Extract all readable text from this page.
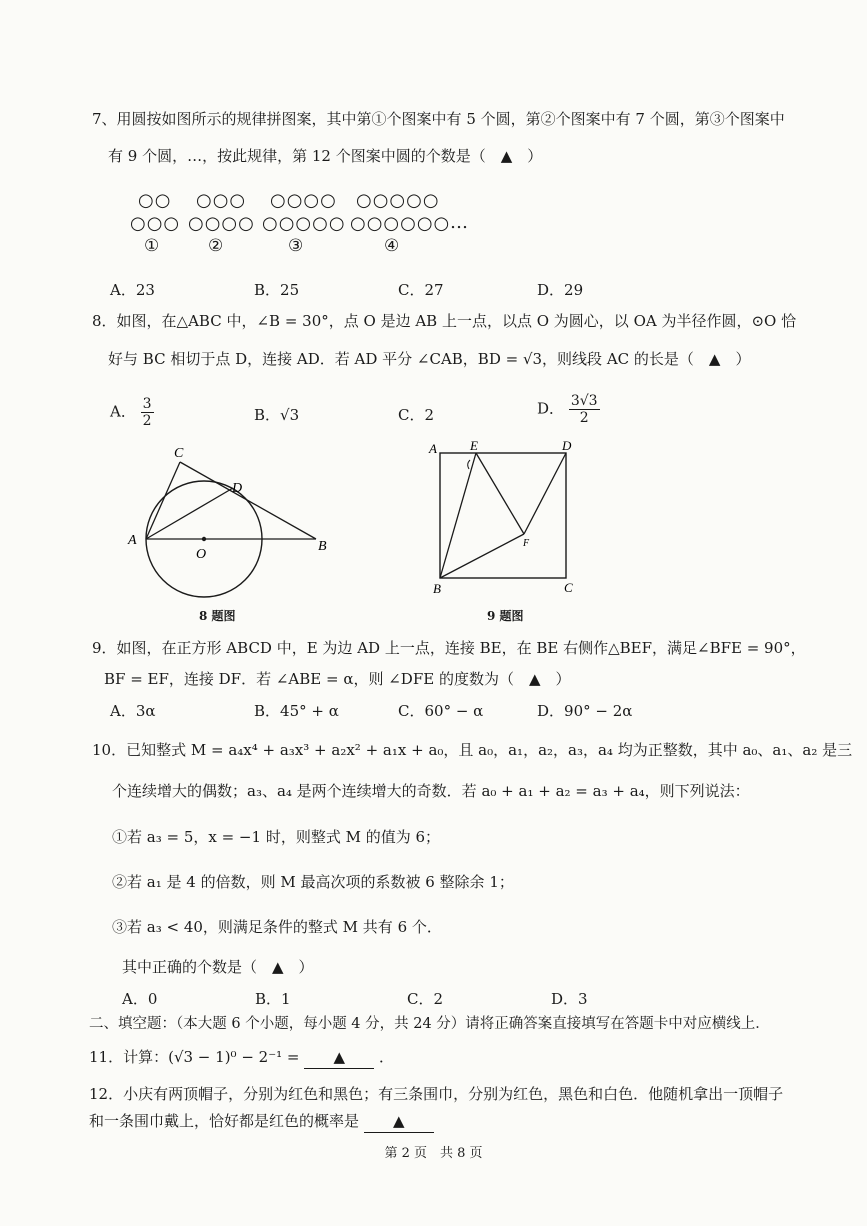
7、用圆按如图所示的规律拼图案，其中第①个图案中有 5 个圆，第②个图案中有 7 个圆，第③个图案中
有 9 个圆，…，按此规律，第 12 个图案中圆的个数是（　▲　）
○○
○○○
①
○○○
○○○○
②
○○○○
○○○○○
③
○○○○○
○○○○○○
④
…
A．23	B．25	C．27	D．29
8．如图，在△ABC 中，∠B = 30°，点 O 是边 AB 上一点，以点 O 为圆心，以 OA 为半径作圆，⊙O 恰
好与 BC 相切于点 D，连接 AD．若 AD 平分 ∠CAB，BD = √3，则线段 AC 的长是（　▲　）
A． $\frac{3}{2}$	B．√3	C．2	D． $\frac{3√3}{2}$
C
D
A
O
B
8 题图
A	E	D
F
B	C
9 题图
9．如图，在正方形 ABCD 中，E 为边 AD 上一点，连接 BE，在 BE 右侧作△BEF，满足∠BFE = 90°，
BF = EF，连接 DF．若 ∠ABE = α，则 ∠DFE 的度数为（　▲　）
A．3α	B．45° + α	C．60° − α	D．90° − 2α
10．已知整式 M = a₄x⁴ + a₃x³ + a₂x² + a₁x + a₀，且 a₀，a₁，a₂，a₃，a₄ 均为正整数，其中 a₀、a₁、a₂ 是三
个连续增大的偶数；a₃、a₄ 是两个连续增大的奇数．若 a₀ + a₁ + a₂ = a₃ + a₄，则下列说法：
①若 a₃ = 5，x = −1 时，则整式 M 的值为 6；
②若 a₁ 是 4 的倍数，则 M 最高次项的系数被 6 整除余 1；
③若 a₃ < 40，则满足条件的整式 M 共有 6 个．
其中正确的个数是（　▲　）
A．0	B．1	C．2	D．3
二、填空题：（本大题 6 个小题，每小题 4 分，共 24 分）请将正确答案直接填写在答题卡中对应横线上．
11．计算：(√3 − 1)⁰ − 2⁻¹ = ▲ ．
12．小庆有两顶帽子，分别为红色和黑色；有三条围巾，分别为红色，黑色和白色．他随机拿出一顶帽子
和一条围巾戴上，恰好都是红色的概率是 ▲
第 2 页　共 8 页
